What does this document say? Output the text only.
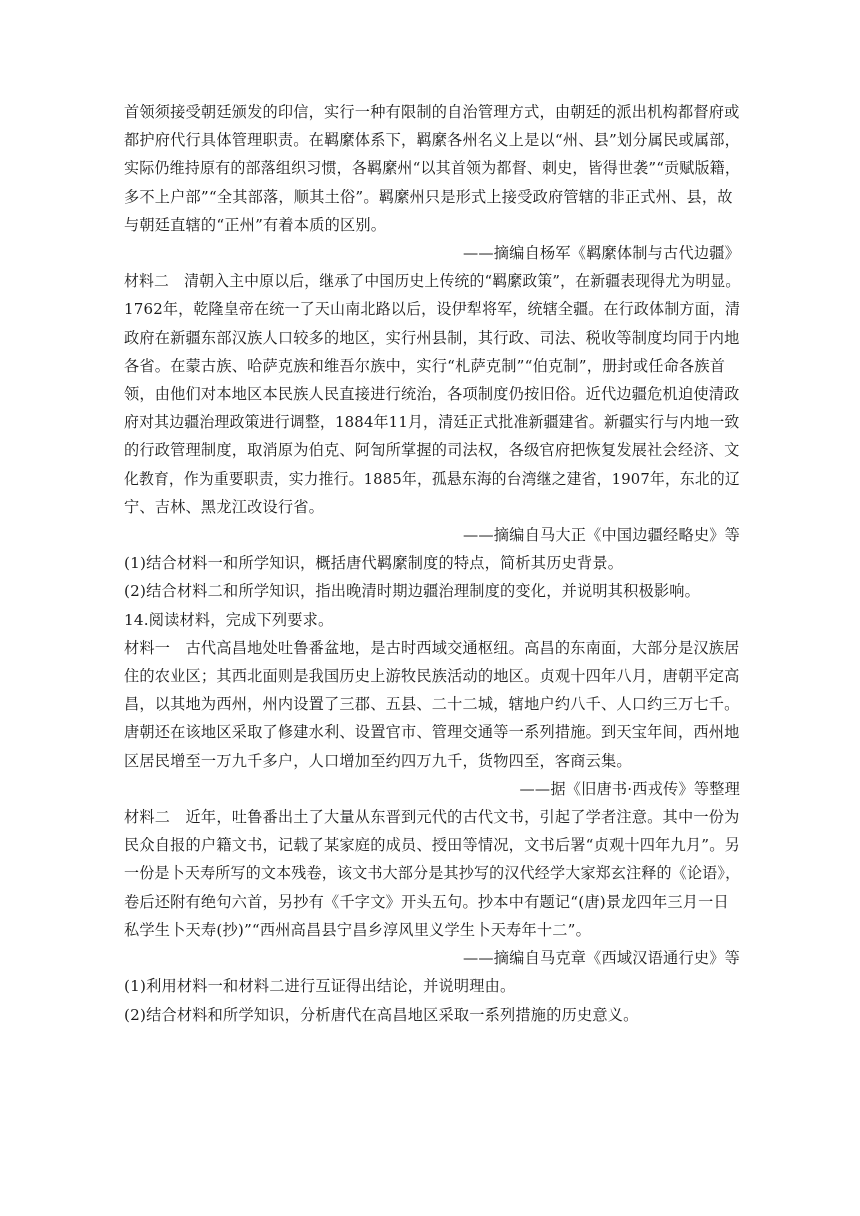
首领须接受朝廷颁发的印信，实行一种有限制的自治管理方式，由朝廷的派出机构都督府或
都护府代行具体管理职责。在羁縻体系下，羁縻各州名义上是以“州、县”划分属民或属部，
实际仍维持原有的部落组织习惯，各羁縻州“以其首领为都督、刺史，皆得世袭”“贡赋版籍，
多不上户部”“全其部落，顺其土俗”。羁縻州只是形式上接受政府管辖的非正式州、县，故
与朝廷直辖的“正州”有着本质的区别。
——摘编自杨军《羁縻体制与古代边疆》
材料二　清朝入主中原以后，继承了中国历史上传统的“羁縻政策”，在新疆表现得尤为明显。
1762年，乾隆皇帝在统一了天山南北路以后，设伊犁将军，统辖全疆。在行政体制方面，清
政府在新疆东部汉族人口较多的地区，实行州县制，其行政、司法、税收等制度均同于内地
各省。在蒙古族、哈萨克族和维吾尔族中，实行“札萨克制”“伯克制”，册封或任命各族首
领，由他们对本地区本民族人民直接进行统治，各项制度仍按旧俗。近代边疆危机迫使清政
府对其边疆治理政策进行调整，1884年11月，清廷正式批准新疆建省。新疆实行与内地一致
的行政管理制度，取消原为伯克、阿訇所掌握的司法权，各级官府把恢复发展社会经济、文
化教育，作为重要职责，实力推行。1885年，孤悬东海的台湾继之建省，1907年，东北的辽
宁、吉林、黑龙江改设行省。
——摘编自马大正《中国边疆经略史》等
(1)结合材料一和所学知识，概括唐代羁縻制度的特点，简析其历史背景。
(2)结合材料二和所学知识，指出晚清时期边疆治理制度的变化，并说明其积极影响。
14.阅读材料，完成下列要求。
材料一　古代高昌地处吐鲁番盆地，是古时西域交通枢纽。高昌的东南面，大部分是汉族居
住的农业区；其西北面则是我国历史上游牧民族活动的地区。贞观十四年八月，唐朝平定高
昌，以其地为西州，州内设置了三郡、五县、二十二城，辖地户约八千、人口约三万七千。
唐朝还在该地区采取了修建水利、设置官市、管理交通等一系列措施。到天宝年间，西州地
区居民增至一万九千多户，人口增加至约四万九千，货物四至，客商云集。
——据《旧唐书·西戎传》等整理
材料二　近年，吐鲁番出土了大量从东晋到元代的古代文书，引起了学者注意。其中一份为
民众自报的户籍文书，记载了某家庭的成员、授田等情况，文书后署“贞观十四年九月”。另
一份是卜天寿所写的文本残卷，该文书大部分是其抄写的汉代经学大家郑玄注释的《论语》，
卷后还附有绝句六首，另抄有《千字文》开头五句。抄本中有题记“(唐)景龙四年三月一日
私学生卜天寿(抄)”“西州高昌县宁昌乡淳风里义学生卜天寿年十二”。
——摘编自马克章《西域汉语通行史》等
(1)利用材料一和材料二进行互证得出结论，并说明理由。
(2)结合材料和所学知识，分析唐代在高昌地区采取一系列措施的历史意义。
